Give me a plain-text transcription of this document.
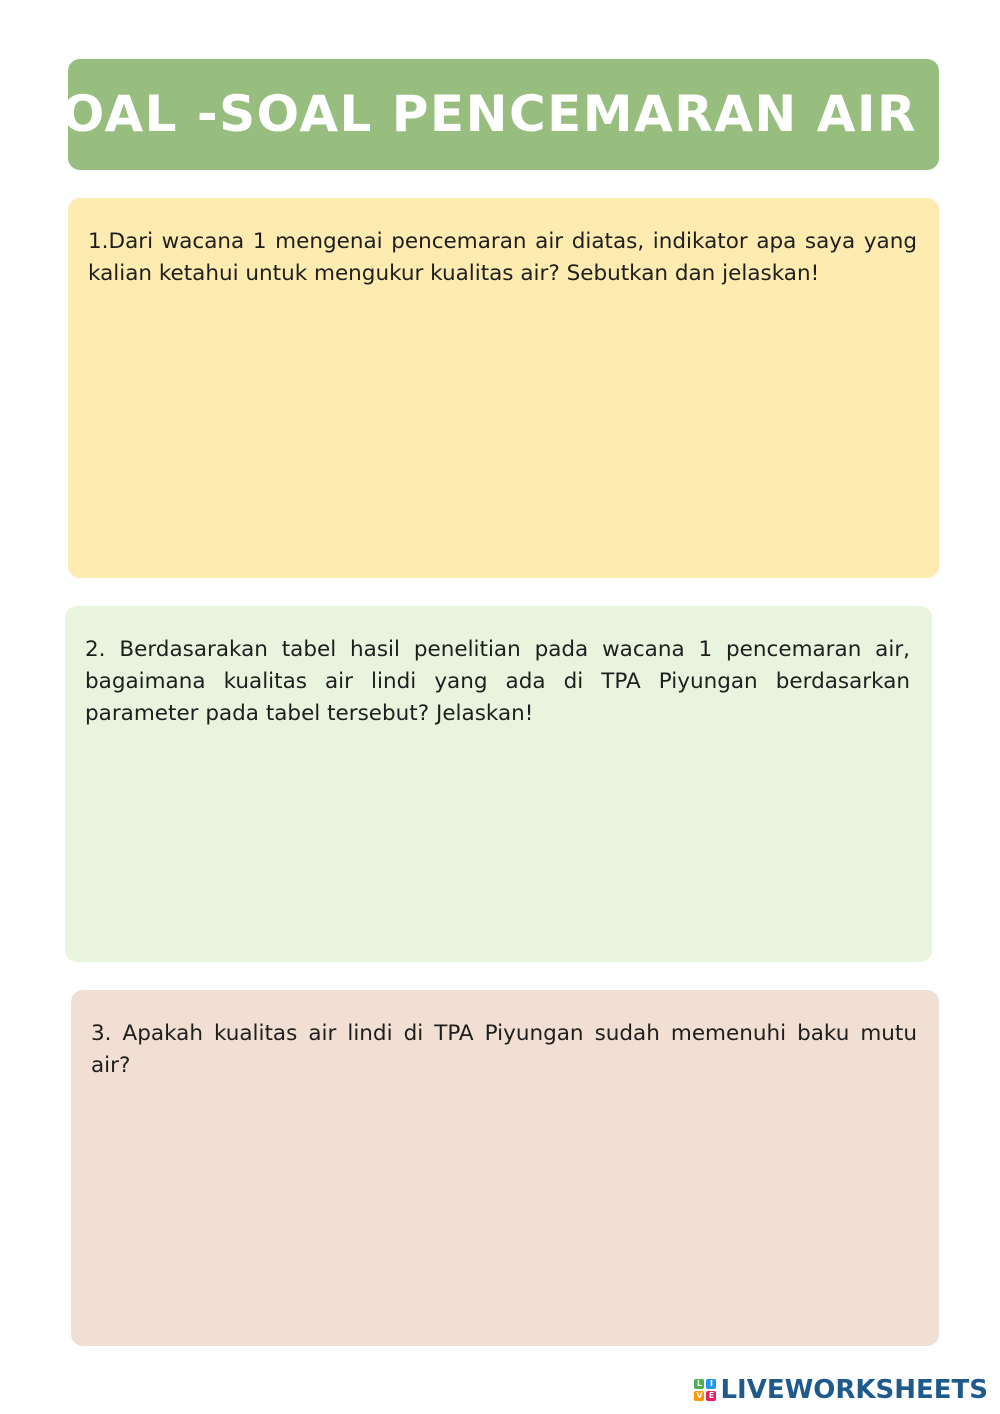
SOAL -SOAL PENCEMARAN AIR

1.Dari wacana 1 mengenai pencemaran air diatas, indikator apa saya yang kalian ketahui untuk mengukur kualitas air? Sebutkan dan jelaskan!

2. Berdasarakan tabel hasil penelitian pada wacana 1 pencemaran air, bagaimana kualitas air lindi yang ada di TPA Piyungan berdasarkan parameter pada tabel tersebut? Jelaskan!

3. Apakah kualitas air lindi di TPA Piyungan sudah memenuhi baku mutu air?

L I
V E LIVEWORKSHEETS
